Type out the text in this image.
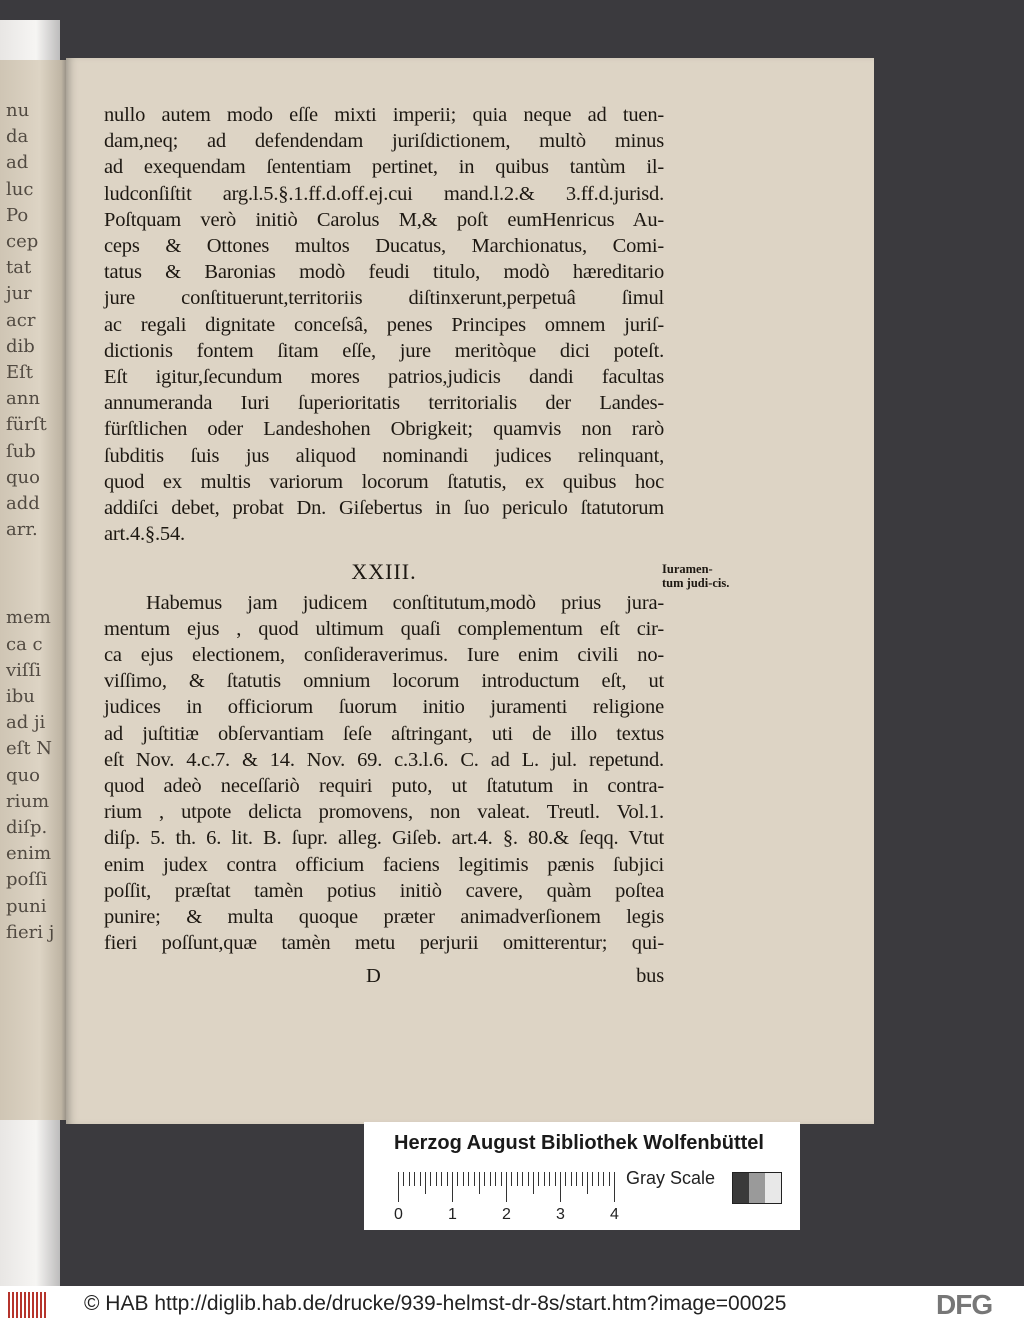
nu
da
ad
luc
Po
cep
tat
jur
acr
dib
Eſt
ann
fürſt
ſub
quo
add
arr.
mem
ca c
viſſi
ibu
ad ji
eſt N
quo
rium
diſp.
enim
poſſi
puni
fieri j
nullo autem modo eſſe mixti imperii; quia neque ad tuen-
dam,neq; ad defendendam juriſdictionem, multò minus
ad exequendam ſententiam pertinet, in quibus tantùm il-
ludconſiſtit arg.l.5.§.1.ff.d.off.ej.cui mand.l.2.& 3.ff.d.jurisd.
Poſtquam verò initiò Carolus M,& poſt eumHenricus Au-
ceps & Ottones multos Ducatus, Marchionatus, Comi-
tatus & Baronias modò feudi titulo, modò hæreditario
jure conſtituerunt,territoriis diſtinxerunt,perpetuâ ſimul
ac regali dignitate conceſsâ, penes Principes omnem juriſ-
dictionis fontem ſitam eſſe, jure meritòque dici poteſt.
Eſt igitur,ſecundum mores patrios,judicis dandi facultas
annumeranda Iuri ſuperioritatis territorialis der Landes-
fürſtlichen oder Landeshohen Obrigkeit; quamvis non rarò
ſubditis ſuis jus aliquod nominandi judices relinquant,
quod ex multis variorum locorum ſtatutis, ex quibus hoc
addiſci debet, probat Dn. Giſebertus in ſuo periculo ſtatutorum
art.4.§.54.
XXIII.
Habemus jam judicem conſtitutum,modò prius jura-
mentum ejus , quod ultimum quaſi complementum eſt cir-
ca ejus electionem, conſideraverimus. Iure enim civili no-
viſſimo, & ſtatutis omnium locorum introductum eſt, ut
judices in officiorum ſuorum initio juramenti religione
ad juſtitiæ obſervantiam ſeſe aſtringant, uti de illo textus
eſt Nov. 4.c.7. & 14. Nov. 69. c.3.l.6. C. ad L. jul. repetund.
quod adeò neceſſariò requiri puto, ut ſtatutum in contra-
rium , utpote delicta promovens, non valeat. Treutl. Vol.1.
diſp. 5. th. 6. lit. B. ſupr. alleg. Giſeb. art.4. §. 80.& ſeqq. Vtut
enim judex contra officium faciens legitimis pænis ſubjici
poſſit, præſtat tamèn potius initiò cavere, quàm poſtea
punire; & multa quoque præter animadverſionem legis
fieri poſſunt,quæ tamèn metu perjurii omitterentur; qui-
D	bus
Iuramen-tum judi-cis.
Herzog August Bibliothek Wolfenbüttel
Gray Scale
0	1	2	3	4
© HAB http://diglib.hab.de/drucke/939-helmst-dr-8s/start.htm?image=00025	DFG
